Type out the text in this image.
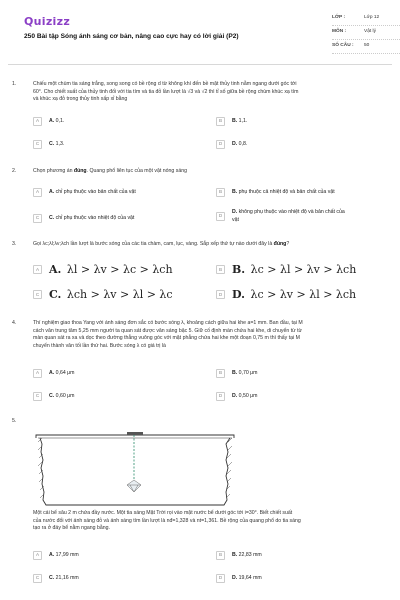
Quizizz
250 Bài tập Sóng ánh sáng cơ bản, nâng cao cực hay có lời giải (P2)
LỚP :	Lớp 12
MÔN :	Vật lý
SỐ CÂU :	50
1.	Chiếu một chùm tia sáng trắng, song song có bề rộng d từ không khí đến bề mặt thủy tinh nằm ngang dưới góc tới
60°. Cho chiết suất của thủy tinh đối với tia tím và tia đỏ lần lượt là √3 và √2 thì tỉ số giữa bề rộng chùm khúc xạ tím
và khúc xạ đỏ trong thủy tinh xấp xỉ bằng
A	A. 0,1.	B	B. 1,1.
C	C. 1,3.	D	D. 0,8.
2.	Chọn phương án đúng. Quang phổ liên tục của một vật nóng sáng
A	A. chỉ phụ thuộc vào bản chất của vật	B	B. phụ thuộc cả nhiệt độ và bản chất của vật
C	C. chỉ phụ thuộc vào nhiệt độ của vật	D
D. không phụ thuộc vào nhiệt độ và bản chất của
vật
3.	Gọi λc;λl;λv;λch lần lượt là bước sóng của các tia chàm, cam, lục, vàng. Sắp xếp thứ tự nào dưới đây là đúng?
A A. λl > λv > λc > λch	B B. λc > λl > λv > λch
C C. λch > λv > λl > λc	D D. λc > λv > λl > λch
4.	Thí nghiệm giao thoa Yang với ánh sáng đơn sắc có bước sóng λ, khoảng cách giữa hai khe a=1 mm. Ban đầu, tại M
cách vân trung tâm 5,25 mm người ta quan sát được vân sáng bậc 5. Giữ cố định màn chứa hai khe, di chuyển từ từ
màn quan sát ra xa và dọc theo đường thẳng vuông góc với mặt phẳng chứa hai khe một đoạn 0,75 m thì thấy tại M
chuyển thành vân tối lần thứ hai. Bước sóng λ có giá trị là
A	A. 0,64 μm	B	B. 0,70 μm
C	C. 0,60 μm	D	D. 0,50 μm
5.
Một cái bể sâu 2 m chứa đầy nước. Một tia sáng Mặt Trời rọi vào mặt nước bể dưới góc tới i=30°. Biết chiết suất
của nước đối với ánh sáng đỏ và ánh sáng tím lần lượt là nđ=1,328 và nt=1,361. Bề rộng của quang phổ do tia sáng
tạo ra ở đáy bể nằm ngang bằng.
A	A. 17,99 mm	B	B. 22,83 mm
C	C. 21,16 mm	D	D. 19,64 mm
